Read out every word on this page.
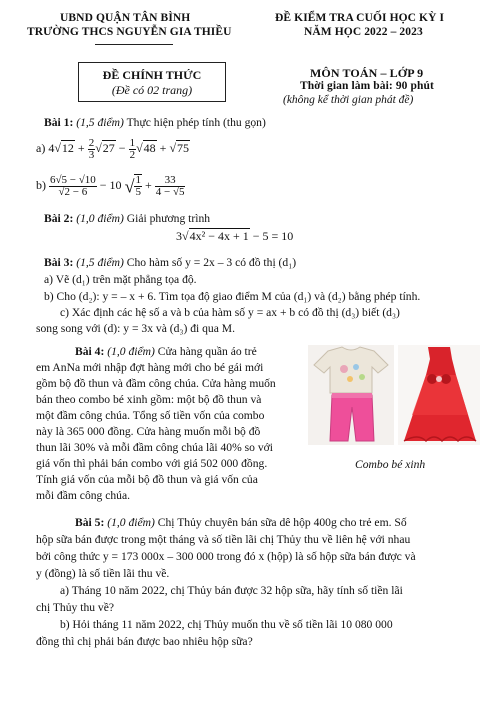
UBND QUẬN TÂN BÌNH
TRƯỜNG THCS NGUYỄN GIA THIỀU
ĐỀ KIỂM TRA CUỐI HỌC KỲ I
NĂM HỌC 2022 – 2023
ĐỀ CHÍNH THỨC
(Đề có 02 trang)
MÔN TOÁN – LỚP 9
Thời gian làm bài: 90 phút
(không kể thời gian phát đề)
Bài 1: (1,5 điểm) Thực hiện phép tính (thu gọn)
a) $4√12 + \frac{2}{3} √27 - \frac{1}{2} √48 + √75$
$b) \frac{6√5 - √10}{√2 - 6} - 10$ √ $\frac{1}{5} + \frac{33}{4 - √5}$
Bài 2: (1,0 điểm) Giải phương trình
3√4x² − 4x + 1 − 5 = 10
Bài 3: (1,5 điểm) Cho hàm số y = 2x – 3 có đồ thị (d₁)
a) Vẽ (d₁) trên mặt phẳng tọa độ.
b) Cho (d₂): y = – x + 6. Tìm tọa độ giao điểm M của (d₁) và (d₂) bằng phép tính.
c) Xác định các hệ số a và b của hàm số y = ax + b có đồ thị (d₃) biết (d₃)
song song với (d): y = 3x và (d₃) đi qua M.
Bài 4: (1,0 điểm) Cửa hàng quần áo trẻ
em AnNa mới nhập đợt hàng mới cho bé gái mới
gồm bộ đồ thun và đầm công chúa. Cửa hàng muốn
bán theo combo bé xinh gồm: một bộ đồ thun và
một đầm công chúa. Tổng số tiền vốn của combo
này là 365 000 đồng. Cửa hàng muốn mỗi bộ đồ
thun lãi 30% và mỗi đầm công chúa lãi 40% so với
giá vốn thì phải bán combo với giá 502 000 đồng.
Tính giá vốn của mỗi bộ đồ thun và giá vốn của
mỗi đầm công chúa.
Combo bé xinh
Bài 5: (1,0 điểm) Chị Thủy chuyên bán sữa dê hộp 400g cho trẻ em. Số
hộp sữa bán được trong một tháng và số tiền lãi chị Thủy thu về liên hệ với nhau
bởi công thức y = 173 000x – 300 000 trong đó x (hộp) là số hộp sữa bán được và
y (đồng) là số tiền lãi thu về.
a) Tháng 10 năm 2022, chị Thủy bán được 32 hộp sữa, hãy tính số tiền lãi
chị Thủy thu về?
b) Hỏi tháng 11 năm 2022, chị Thủy muốn thu về số tiền lãi 10 080 000
đồng thì chị phải bán được bao nhiêu hộp sữa?
